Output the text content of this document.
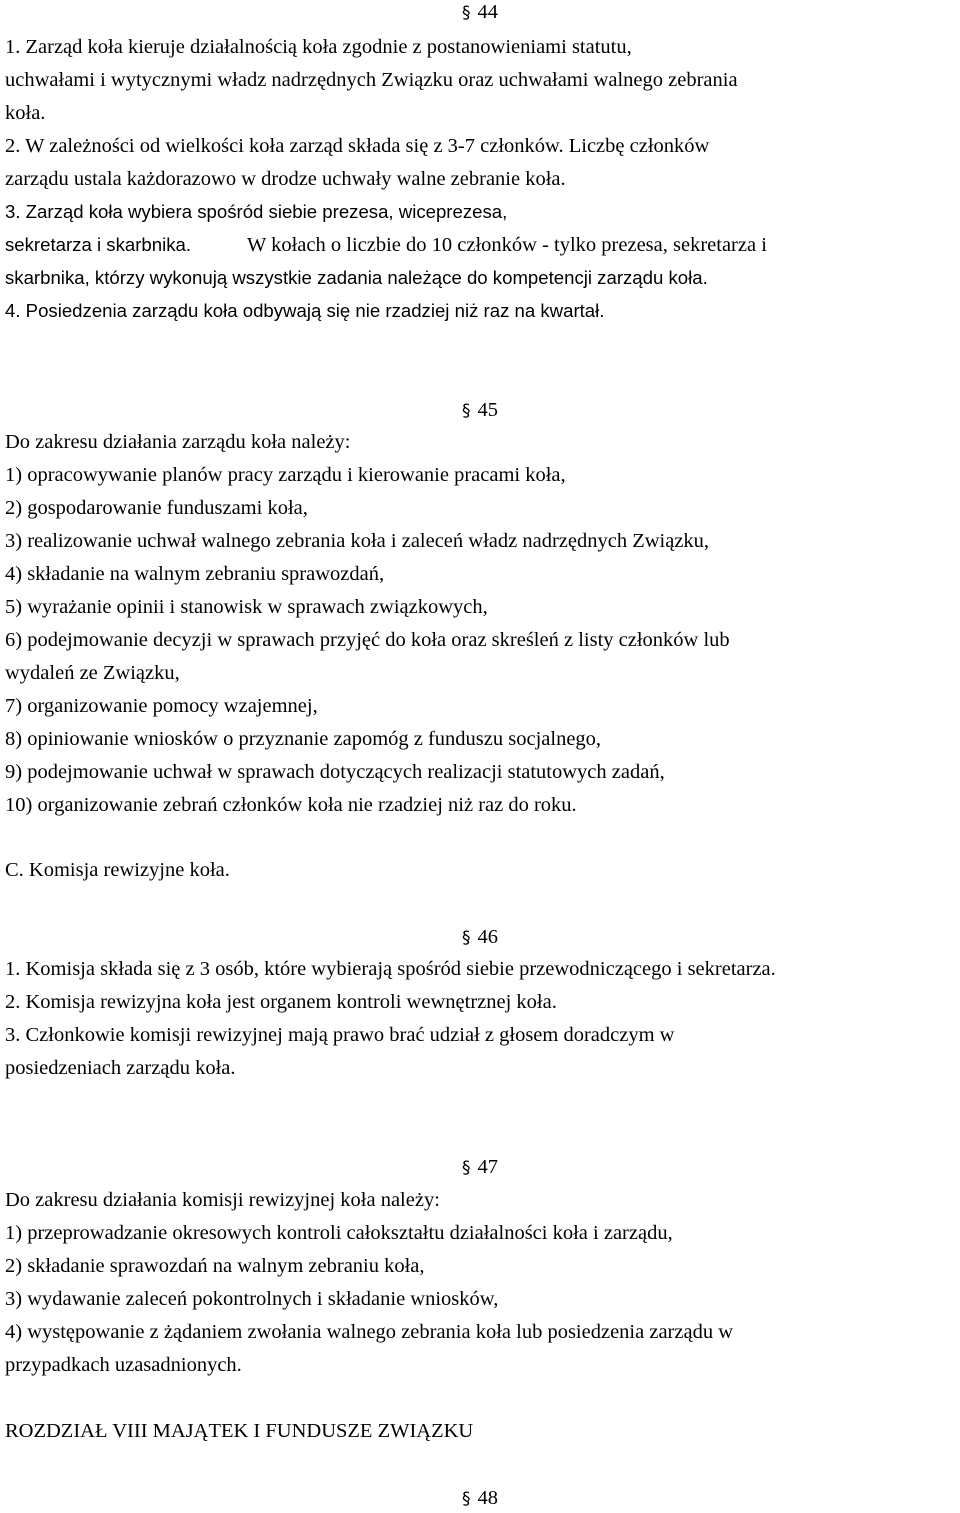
§ 44
1. Zarząd koła kieruje działalnością koła zgodnie z postanowieniami statutu,
uchwałami i wytycznymi władz nadrzędnych Związku oraz uchwałami walnego zebrania
koła.
2. W zależności od wielkości koła zarząd składa się z 3-7 członków. Liczbę członków
zarządu ustala każdorazowo w drodze uchwały walne zebranie koła.
3. Zarząd koła wybiera spośród siebie prezesa, wiceprezesa,
sekretarza i skarbnika.	W kołach o liczbie do 10 członków - tylko prezesa, sekretarza i
skarbnika, którzy wykonują wszystkie zadania należące do kompetencji zarządu koła.
4. Posiedzenia zarządu koła odbywają się nie rzadziej niż raz na kwartał.
§ 45
Do zakresu działania zarządu koła należy:
1) opracowywanie planów pracy zarządu i kierowanie pracami koła,
2) gospodarowanie funduszami koła,
3) realizowanie uchwał walnego zebrania koła i zaleceń władz nadrzędnych Związku,
4) składanie na walnym zebraniu sprawozdań,
5) wyrażanie opinii i stanowisk w sprawach związkowych,
6) podejmowanie decyzji w sprawach przyjęć do koła oraz skreśleń z listy członków lub
wydaleń ze Związku,
7) organizowanie pomocy wzajemnej,
8) opiniowanie wniosków o przyznanie zapomóg z funduszu socjalnego,
9) podejmowanie uchwał w sprawach dotyczących realizacji statutowych zadań,
10) organizowanie zebrań członków koła nie rzadziej niż raz do roku.
C. Komisja rewizyjne koła.
§ 46
1. Komisja składa się z 3 osób, które wybierają spośród siebie przewodniczącego i sekretarza.
2. Komisja rewizyjna koła jest organem kontroli wewnętrznej koła.
3. Członkowie komisji rewizyjnej mają prawo brać udział z głosem doradczym w
posiedzeniach zarządu koła.
§ 47
Do zakresu działania komisji rewizyjnej koła należy:
1) przeprowadzanie okresowych kontroli całokształtu działalności koła i zarządu,
2) składanie sprawozdań na walnym zebraniu koła,
3) wydawanie zaleceń pokontrolnych i składanie wniosków,
4) występowanie z żądaniem zwołania walnego zebrania koła lub posiedzenia zarządu w
przypadkach uzasadnionych.
ROZDZIAŁ VIII MAJĄTEK I FUNDUSZE ZWIĄZKU
§ 48
